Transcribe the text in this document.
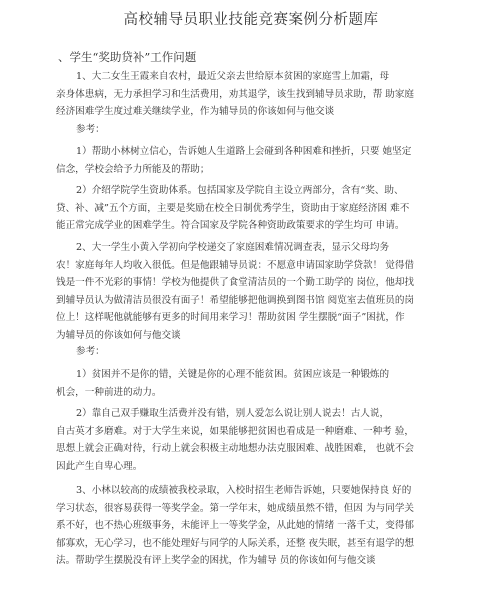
高校辅导员职业技能竞赛案例分析题库
、学生“奖助贷补”工作问题
1、大二女生王霞来自农村，最近父亲去世给原本贫困的家庭雪上加霜，母
亲身体患病，无力承担学习和生活费用，劝其退学，该生找到辅导员求助，帮 助家庭
经济困难学生度过难关继续学业，作为辅导员的你该如何与他交谈
参考：
1）帮助小林树立信心，告诉她人生道路上会碰到各种困难和挫折，只要 她坚定
信念，学校会给予力所能及的帮助；
2）介绍学院学生资助体系。包括国家及学院自主设立两部分，含有“奖、助、
贷、补、减”五个方面，主要是奖励在校全日制优秀学生，资助由于家庭经济困 难不
能正常完成学业的困难学生。符合国家及学院各种资助政策要求的学生均可 申请。
2、大一学生小黄入学初向学校递交了家庭困难情况调查表，显示父母均务
农！家庭每年人均收入很低。但是他跟辅导员说：不愿意申请国家助学贷款！ 觉得借
钱是一件不光彩的事情！学校为他提供了食堂清洁员的一个勤工助学的 岗位，他却找
到辅导员认为做清洁员很没有面子！希望能够把他调换到图书馆 阅览室去值班员的岗
位上！这样呢他就能够有更多的时间用来学习！帮助贫困 学生摆脱“面子”困扰，作
为辅导员的你该如何与他交谈
参考：
1）贫困并不是你的错，关键是你的心理不能贫困。贫困应该是一种锻炼的
机会，一种前进的动力。
2）靠自己双手赚取生活费并没有错，别人爱怎么说让别人说去！古人说，
自古英才多磨难。对于大学生来说，如果能够把贫困也看成是一种磨难、一种考 验，
思想上就会正确对待，行动上就会积极主动地想办法克服困难、战胜困难， 也就不会
因此产生自卑心理。
3、小林以较高的成绩被我校录取，入校时招生老师告诉她，只要她保持良 好的
学习状态，很容易获得一等奖学金。第一学年末，她成绩虽然不错，但因 为与同学关
系不好，也不热心班级事务，未能评上一等奖学金，从此她的情绪 一落千丈，变得郁
郁寡欢，无心学习，也不能处理好与同学的人际关系，还整 夜失眠，甚至有退学的想
法。帮助学生摆脱没有评上奖学金的困扰，作为辅导 员的你该如何与他交谈
